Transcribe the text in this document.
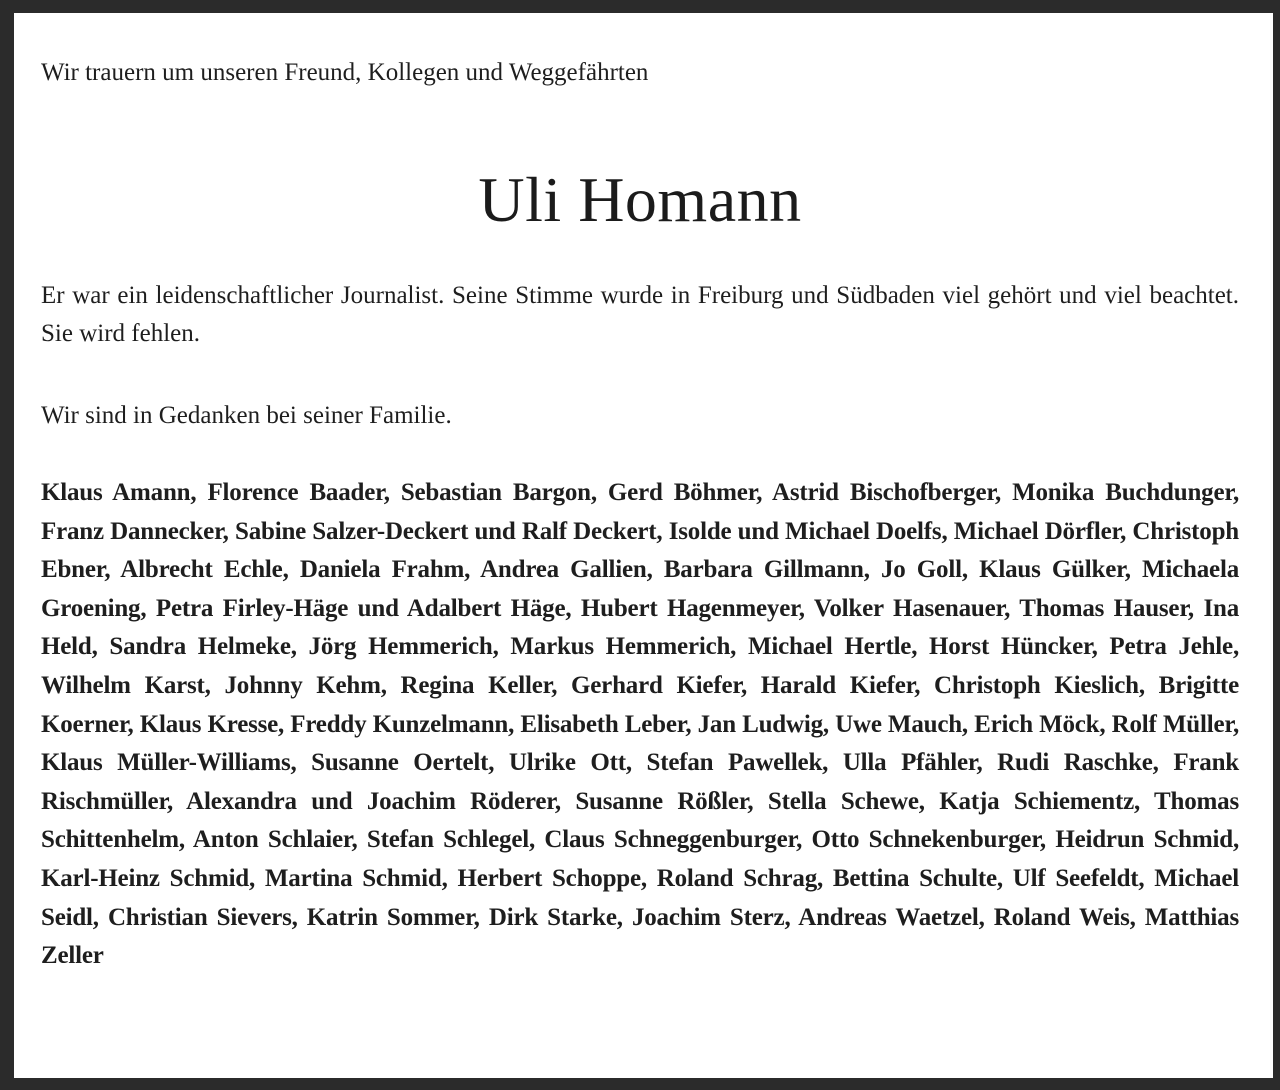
Wir trauern um unseren Freund, Kollegen und Weggefährten
Uli Homann
Er war ein leidenschaftlicher Journalist. Seine Stimme wurde in Freiburg und Südbaden viel gehört und viel beachtet. Sie wird fehlen.
Wir sind in Gedanken bei seiner Familie.
Klaus Amann, Florence Baader, Sebastian Bargon, Gerd Böhmer, Astrid Bischofberger, Monika Buchdunger, Franz Dannecker, Sabine Salzer-Deckert und Ralf Deckert, Isolde und Michael Doelfs, Michael Dörfler, Christoph Ebner, Albrecht Echle, Daniela Frahm, Andrea Gallien, Barbara Gillmann, Jo Goll, Klaus Gülker, Michaela Groening, Petra Firley-Häge und Adalbert Häge, Hubert Hagenmeyer, Volker Hasenauer, Thomas Hauser, Ina Held, Sandra Helmeke, Jörg Hemmerich, Markus Hemmerich, Michael Hertle, Horst Hüncker, Petra Jehle, Wilhelm Karst, Johnny Kehm, Regina Keller, Gerhard Kiefer, Harald Kiefer, Christoph Kieslich, Brigitte Koerner, Klaus Kresse, Freddy Kunzelmann, Elisabeth Leber, Jan Ludwig, Uwe Mauch, Erich Möck, Rolf Müller, Klaus Müller-Williams, Susanne Oertelt, Ulrike Ott, Stefan Pawellek, Ulla Pfähler, Rudi Raschke, Frank Rischmüller, Alexandra und Joachim Röderer, Susanne Rößler, Stella Schewe, Katja Schiementz, Thomas Schittenhelm, Anton Schlaier, Stefan Schlegel, Claus Schneggenburger, Otto Schnekenburger, Heidrun Schmid, Karl-Heinz Schmid, Martina Schmid, Herbert Schoppe, Roland Schrag, Bettina Schulte, Ulf Seefeldt, Michael Seidl, Christian Sievers, Katrin Sommer, Dirk Starke, Joachim Sterz, Andreas Waetzel, Roland Weis, Matthias Zeller
